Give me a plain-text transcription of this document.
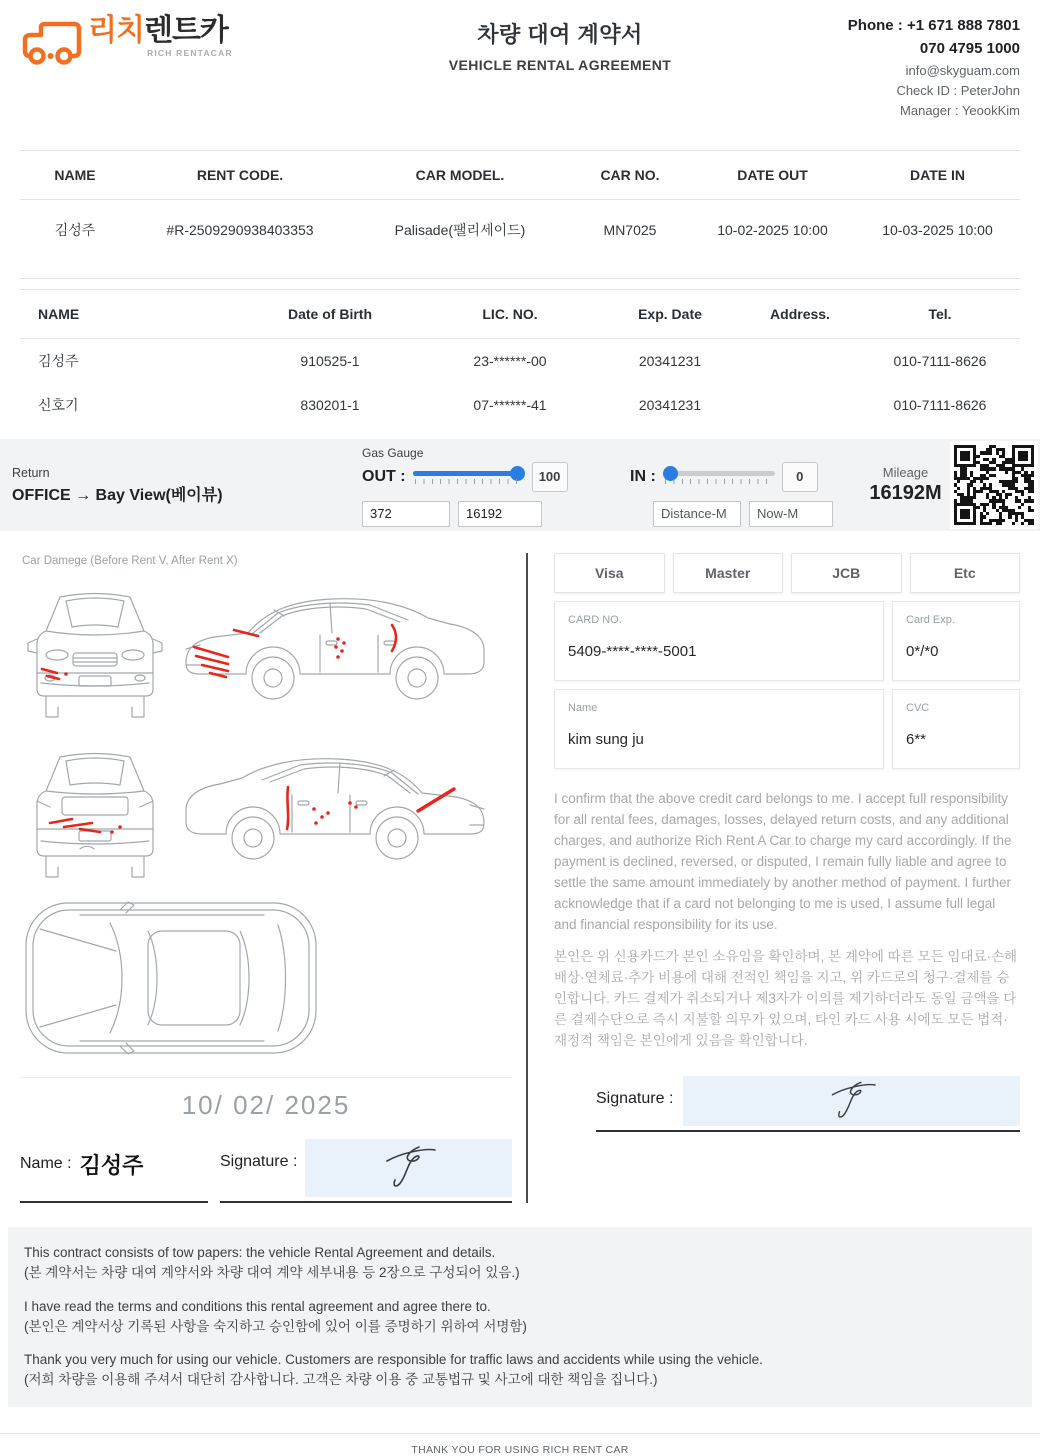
리치렌트카
RICH RENTACAR
차량 대여 계약서
VEHICLE RENTAL AGREEMENT
Phone : +1 671 888 7801
070 4795 1000
info@skyguam.com
Check ID : PeterJohn
Manager : YeookKim
NAME	RENT CODE.	CAR MODEL.	CAR NO.	DATE OUT	DATE IN
김성주	#R-2509290938403353	Palisade(팰리세이드)	MN7025	10-02-2025 10:00	10-03-2025 10:00
NAME	Date of Birth	LIC. NO.	Exp. Date	Address.	Tel.
김성주	910525-1	23-******-00	20341231		010-7111-8626
신호기	830201-1	07-******-41	20341231		010-7111-8626
Return
OFFICE → Bay View(베이뷰)
Gas Gauge
OUT :	100	IN :	0
372
16192
Distance-M
Now-M	Mileage
16192M
Car Damege (Before Rent V, After Rent X)
10/ 02/ 2025
Name : 김성주	Signature :
Visa	Master	JCB	Etc
CARD NO.
5409-****-****-5001
Card Exp.
0*/*0
Name
kim sung ju
CVC
6**

I confirm that the above credit card belongs to me. I accept full responsibility for all rental fees, damages, losses, delayed return costs, and any additional charges, and authorize Rich Rent A Car to charge my card accordingly. If the payment is declined, reversed, or disputed, I remain fully liable and agree to settle the same amount immediately by another method of payment. I further acknowledge that if a card not belonging to me is used, I assume full legal and financial responsibility for its use.

본인은 위 신용카드가 본인 소유임을 확인하며, 본 계약에 따른 모든 임대료·손해배상·연체료·추가 비용에 대해 전적인 책임을 지고, 위 카드로의 청구·결제를 승인합니다. 카드 결제가 취소되거나 제3자가 이의를 제기하더라도 동일 금액을 다른 결제수단으로 즉시 지불할 의무가 있으며, 타인 카드 사용 시에도 모든 법적·재정적 책임은 본인에게 있음을 확인합니다.

Signature :
This contract consists of tow papers: the vehicle Rental Agreement and details.
(본 계약서는 차량 대여 계약서와 차량 대여 계약 세부내용 등 2장으로 구성되어 있음.)
I have read the terms and conditions this rental agreement and agree there to.
(본인은 계약서상 기록된 사항을 숙지하고 승인함에 있어 이를 증명하기 위하여 서명함)
Thank you very much for using our vehicle. Customers are responsible for traffic laws and accidents while using the vehicle.
(저희 차량을 이용해 주셔서 대단히 감사합니다. 고객은 차량 이용 중 교통법규 및 사고에 대한 책임을 집니다.)
THANK YOU FOR USING RICH RENT CAR
